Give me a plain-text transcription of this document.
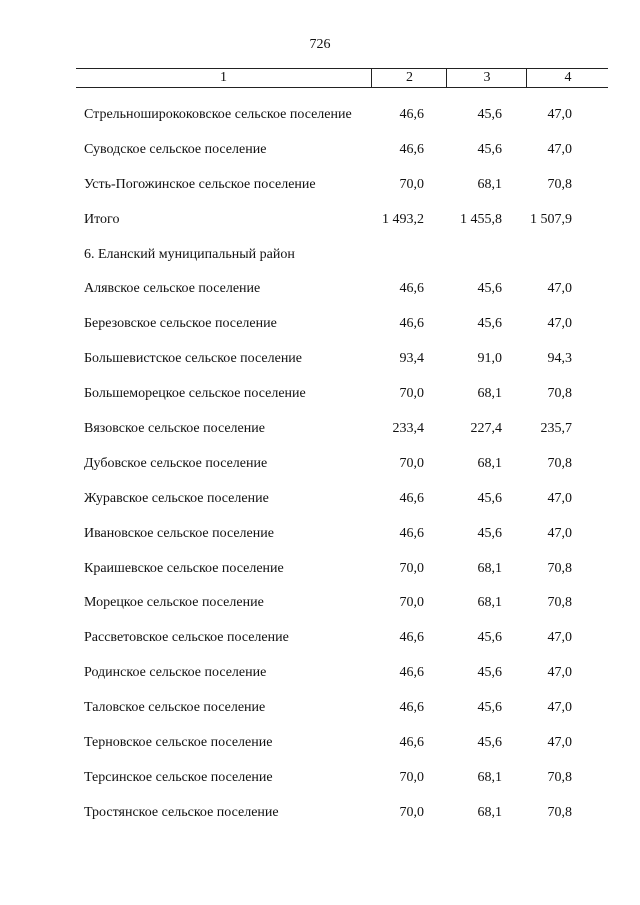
726
1	2	3	4
Стрельноширококовское сельское поселение	46,6	45,6	47,0
Суводское сельское поселение	46,6	45,6	47,0
Усть-Погожинское сельское поселение	70,0	68,1	70,8
Итого	1 493,2	1 455,8	1 507,9
6. Еланский муниципальный район
Алявское сельское поселение	46,6	45,6	47,0
Березовское сельское поселение	46,6	45,6	47,0
Большевистское сельское поселение	93,4	91,0	94,3
Большеморецкое сельское поселение	70,0	68,1	70,8
Вязовское сельское поселение	233,4	227,4	235,7
Дубовское сельское поселение	70,0	68,1	70,8
Журавское сельское поселение	46,6	45,6	47,0
Ивановское сельское поселение	46,6	45,6	47,0
Краишевское сельское поселение	70,0	68,1	70,8
Морецкое сельское поселение	70,0	68,1	70,8
Рассветовское сельское поселение	46,6	45,6	47,0
Родинское сельское поселение	46,6	45,6	47,0
Таловское сельское поселение	46,6	45,6	47,0
Терновское сельское поселение	46,6	45,6	47,0
Терсинское сельское поселение	70,0	68,1	70,8
Тростянское сельское поселение	70,0	68,1	70,8
